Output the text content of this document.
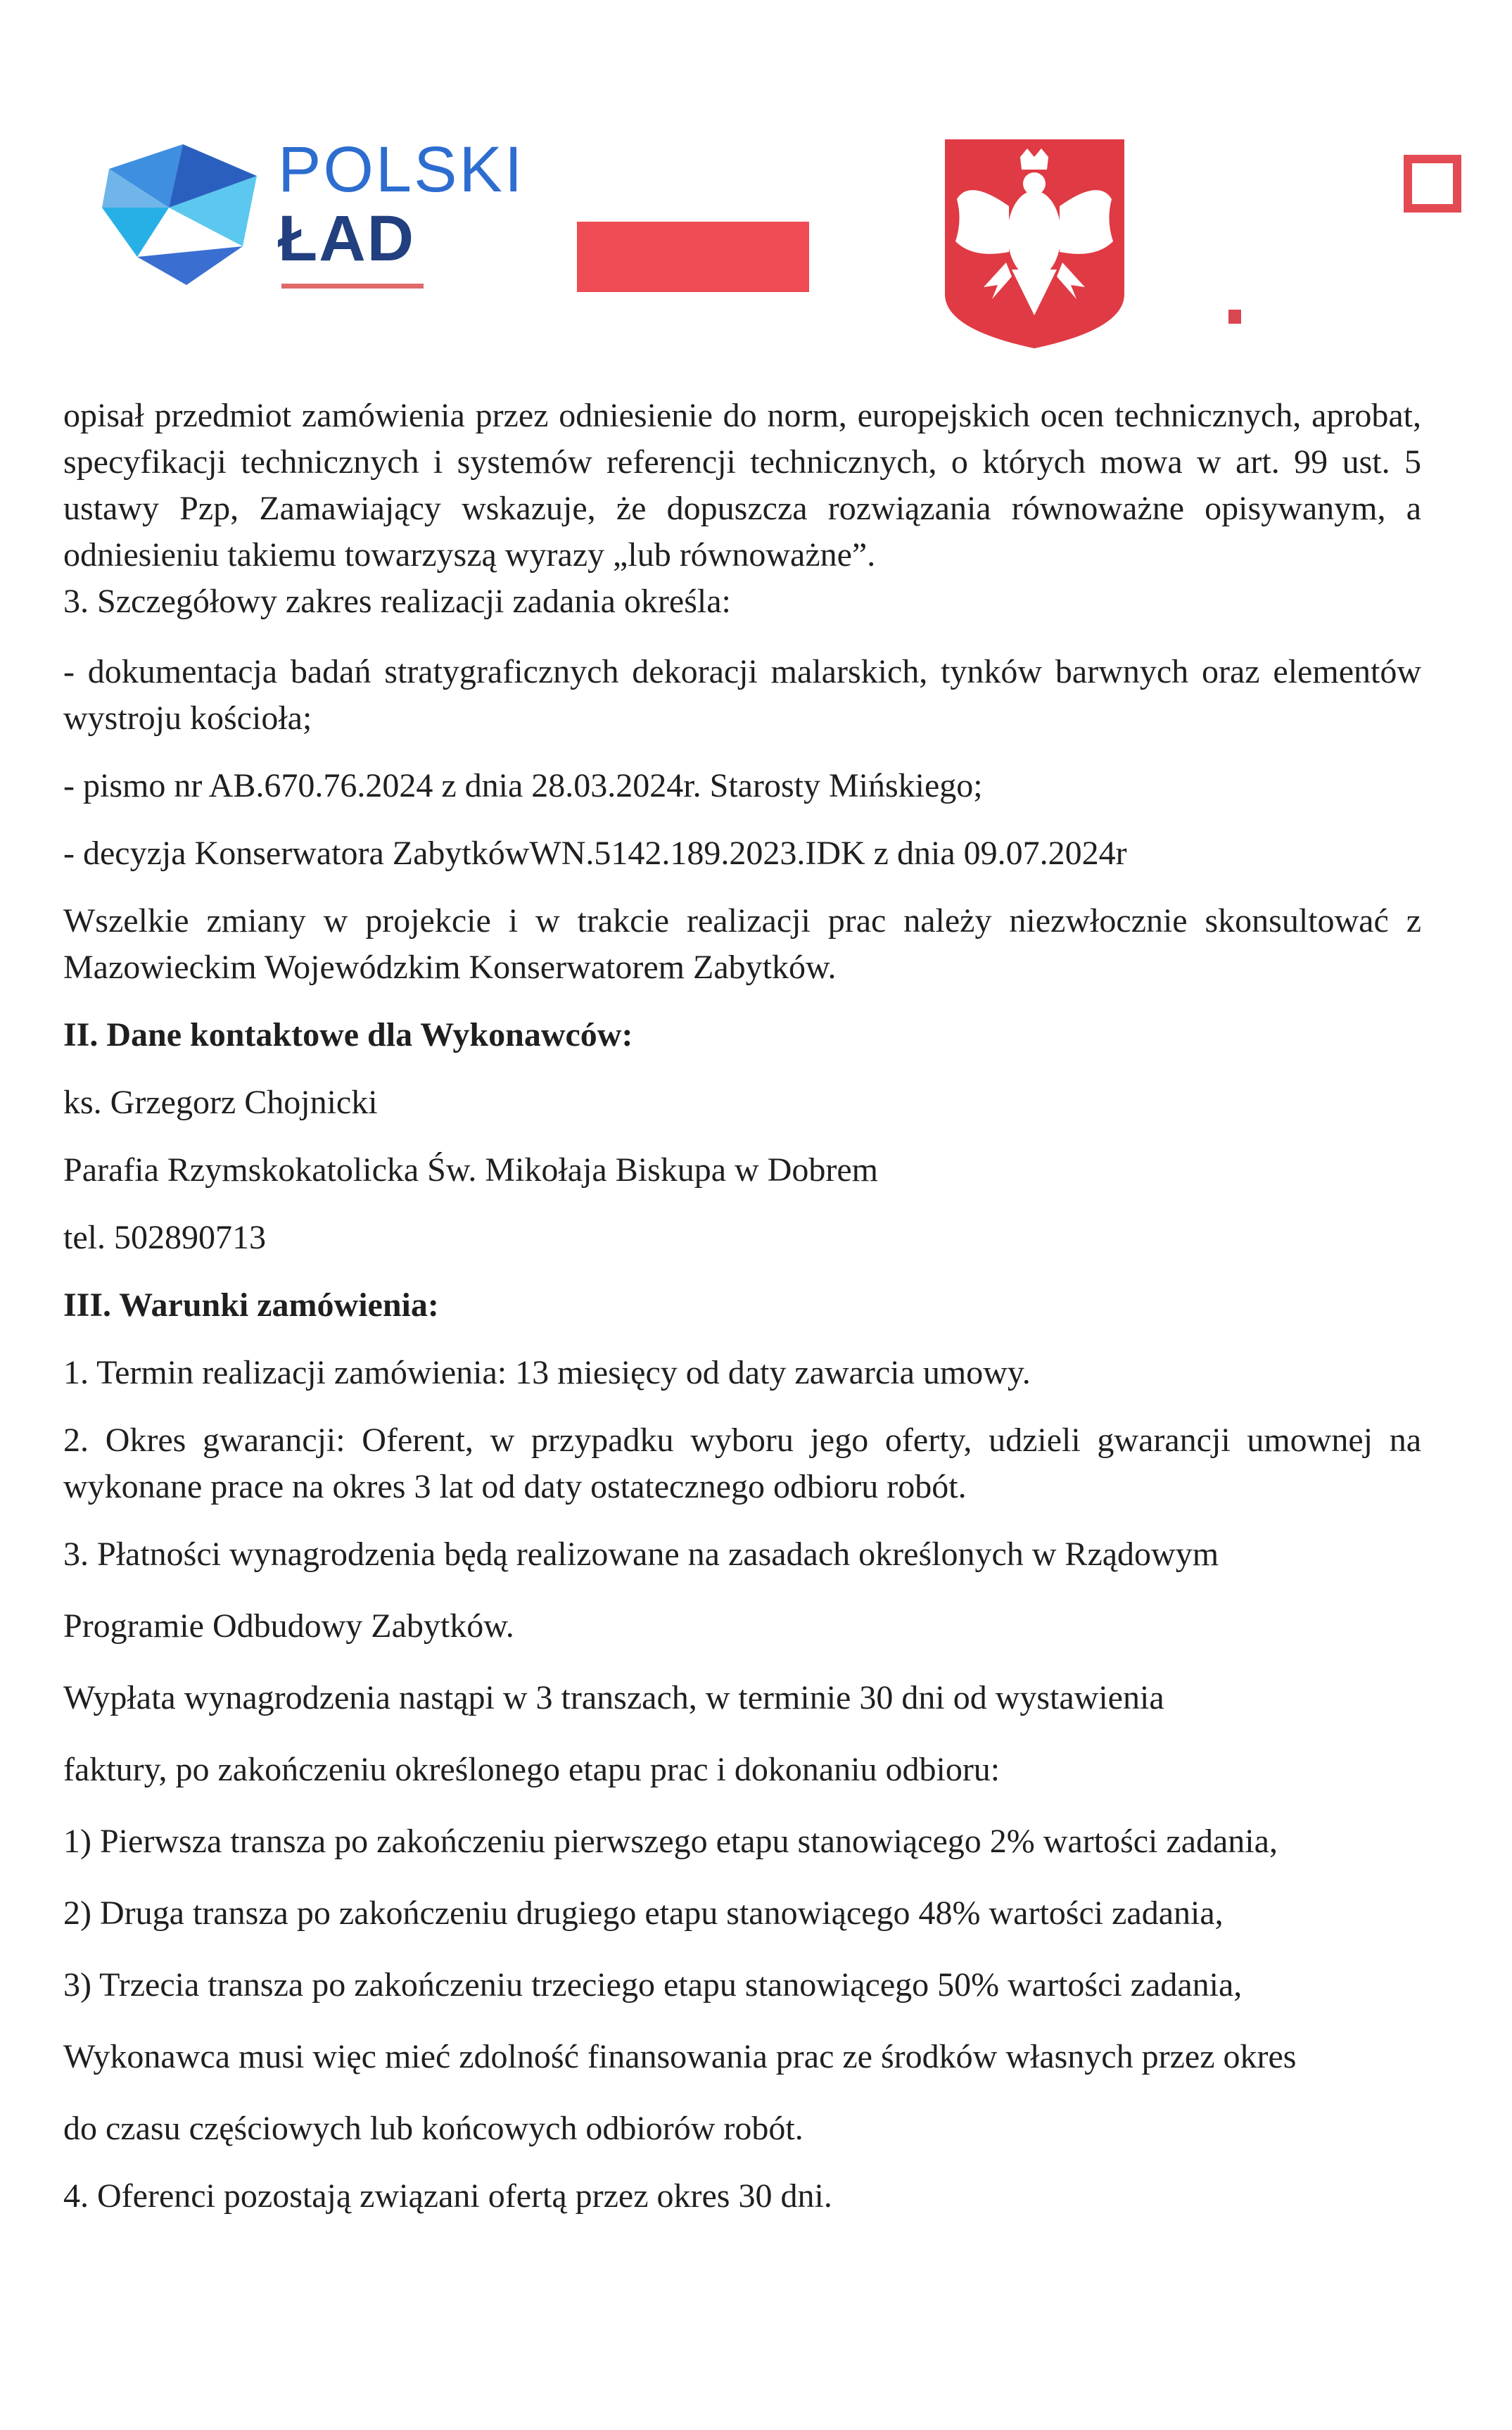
POLSKI
ŁAD

opisał przedmiot zamówienia przez odniesienie do norm, europejskich ocen technicznych, aprobat, specyfikacji technicznych i systemów referencji technicznych, o których mowa w art. 99 ust. 5 ustawy Pzp, Zamawiający wskazuje, że dopuszcza rozwiązania równoważne opisywanym, a odniesieniu takiemu towarzyszą wyrazy „lub równoważne”.

3. Szczegółowy zakres realizacji zadania określa:

- dokumentacja badań stratygraficznych dekoracji malarskich, tynków barwnych oraz elementów wystroju kościoła;

- pismo nr AB.670.76.2024 z dnia 28.03.2024r. Starosty Mińskiego;

- decyzja Konserwatora ZabytkówWN.5142.189.2023.IDK z dnia 09.07.2024r

Wszelkie zmiany w projekcie i w trakcie realizacji prac należy niezwłocznie skonsultować z Mazowieckim Wojewódzkim Konserwatorem Zabytków.

II. Dane kontaktowe dla Wykonawców:

ks. Grzegorz Chojnicki

Parafia Rzymskokatolicka Św. Mikołaja Biskupa w Dobrem

tel. 502890713

III. Warunki zamówienia:

1. Termin realizacji zamówienia: 13 miesięcy od daty zawarcia umowy.

2. Okres gwarancji: Oferent, w przypadku wyboru jego oferty, udzieli gwarancji umownej na wykonane prace na okres 3 lat od daty ostatecznego odbioru robót.

3. Płatności wynagrodzenia będą realizowane na zasadach określonych w Rządowym

Programie Odbudowy Zabytków.

Wypłata wynagrodzenia nastąpi w 3 transzach, w terminie 30 dni od wystawienia

faktury, po zakończeniu określonego etapu prac i dokonaniu odbioru:

1) Pierwsza transza po zakończeniu pierwszego etapu stanowiącego 2% wartości zadania,

2) Druga transza po zakończeniu drugiego etapu stanowiącego 48% wartości zadania,

3) Trzecia transza po zakończeniu trzeciego etapu stanowiącego 50% wartości zadania,

Wykonawca musi więc mieć zdolność finansowania prac ze środków własnych przez okres

do czasu częściowych lub końcowych odbiorów robót.

4. Oferenci pozostają związani ofertą przez okres 30 dni.
